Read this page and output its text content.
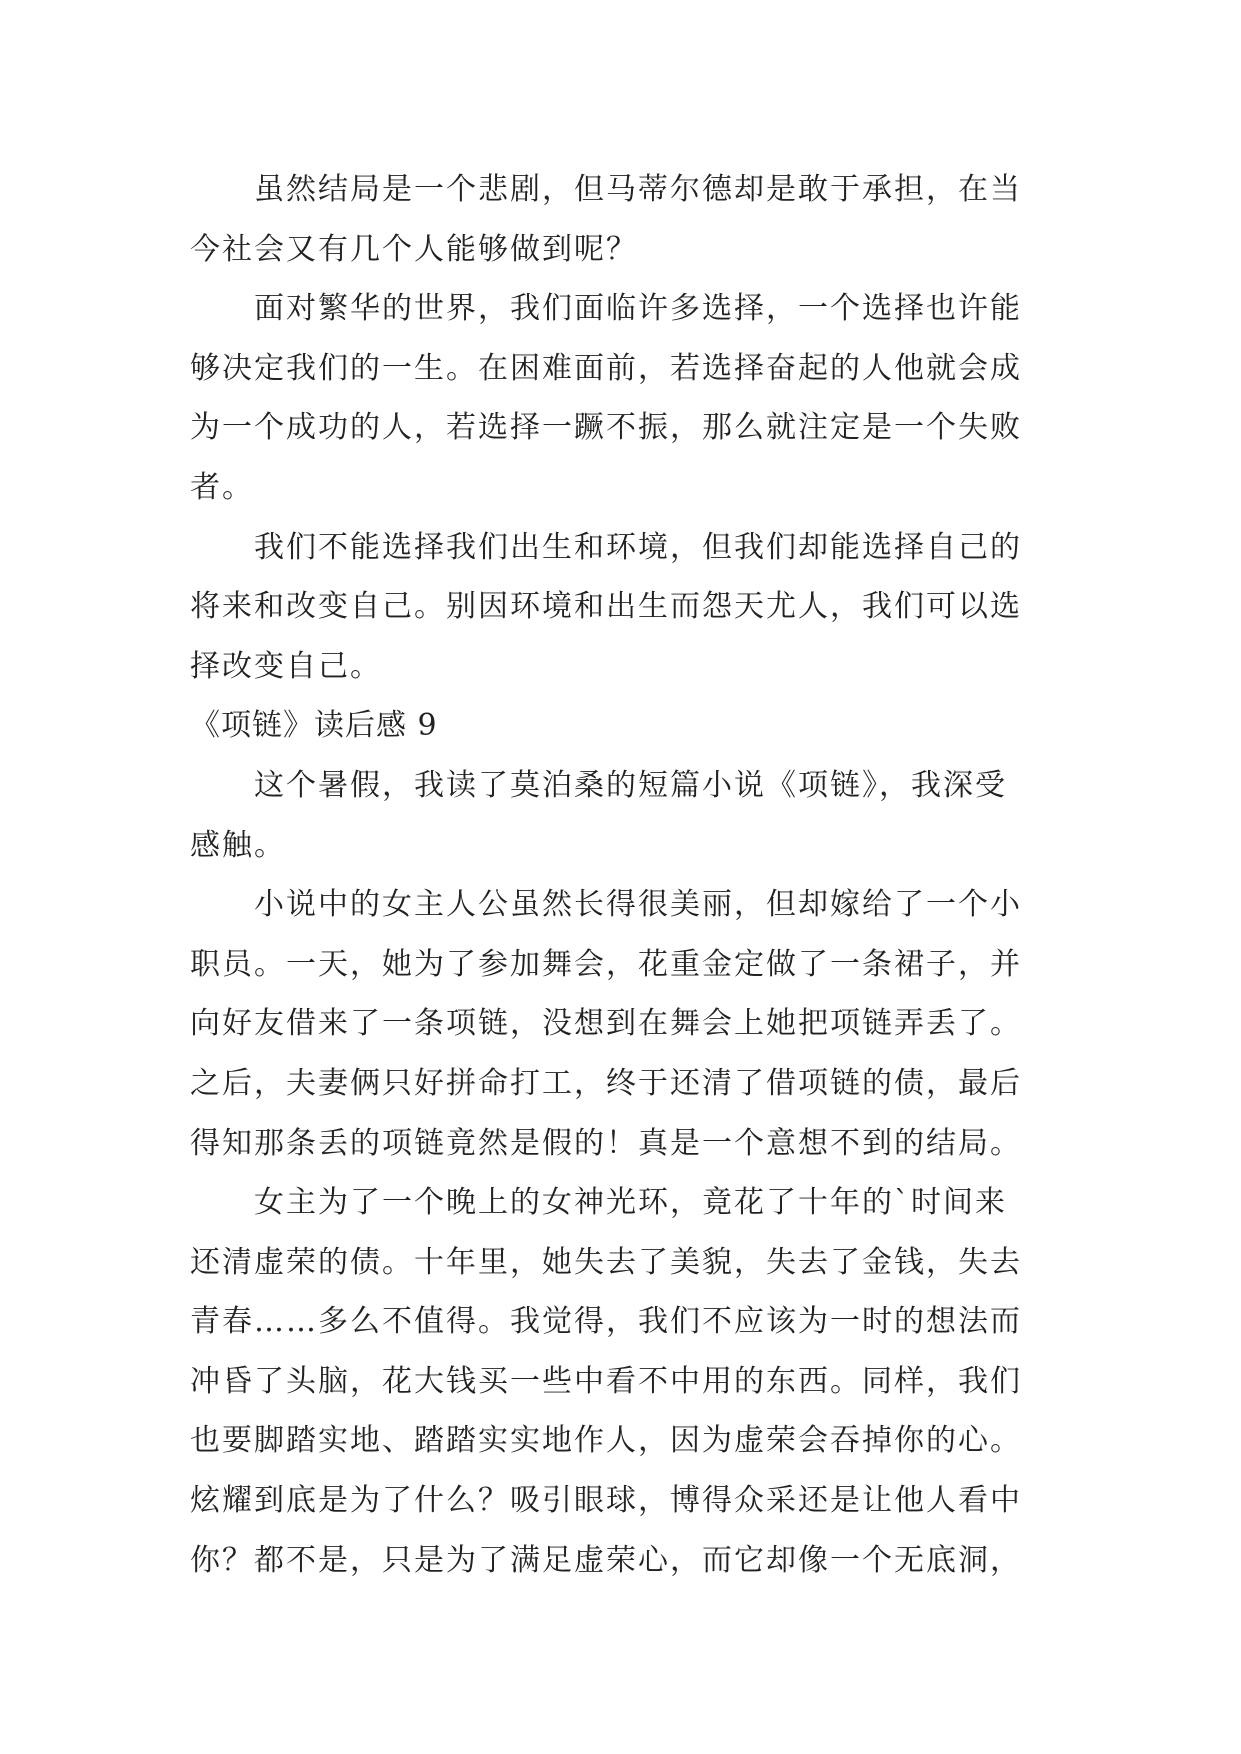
虽然结局是一个悲剧，但马蒂尔德却是敢于承担，在当
今社会又有几个人能够做到呢？

面对繁华的世界，我们面临许多选择，一个选择也许能
够决定我们的一生。在困难面前，若选择奋起的人他就会成
为一个成功的人，若选择一蹶不振，那么就注定是一个失败
者。

我们不能选择我们出生和环境，但我们却能选择自己的
将来和改变自己。别因环境和出生而怨天尤人，我们可以选
择改变自己。

《项链》读后感 9

这个暑假，我读了莫泊桑的短篇小说《项链》，我深受
感触。

小说中的女主人公虽然长得很美丽，但却嫁给了一个小
职员。一天，她为了参加舞会，花重金定做了一条裙子，并
向好友借来了一条项链，没想到在舞会上她把项链弄丢了。
之后，夫妻俩只好拼命打工，终于还清了借项链的债，最后
得知那条丢的项链竟然是假的！真是一个意想不到的结局。

女主为了一个晚上的女神光环，竟花了十年的`时间来
还清虚荣的债。十年里，她失去了美貌，失去了金钱，失去
青春……多么不值得。我觉得，我们不应该为一时的想法而
冲昏了头脑，花大钱买一些中看不中用的东西。同样，我们
也要脚踏实地、踏踏实实地作人，因为虚荣会吞掉你的心。
炫耀到底是为了什么？吸引眼球，博得众采还是让他人看中
你？都不是，只是为了满足虚荣心，而它却像一个无底洞，
